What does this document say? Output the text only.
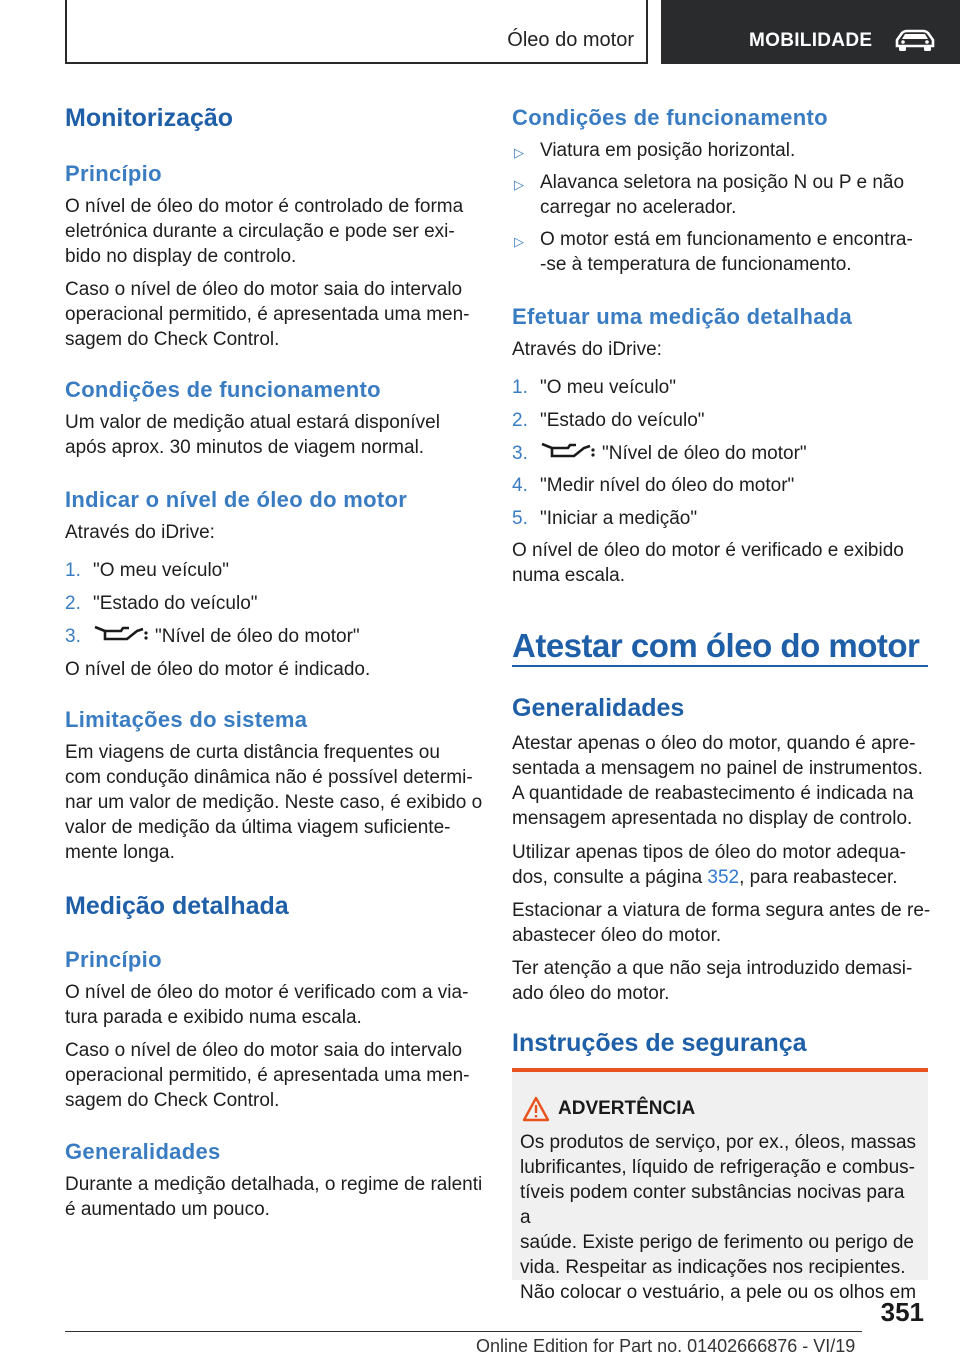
Óleo do motor	MOBILIDADE
Monitorização
Princípio
O nível de óleo do motor é controlado de forma
eletrónica durante a circulação e pode ser exi-
bido no display de controlo.
Caso o nível de óleo do motor saia do intervalo
operacional permitido, é apresentada uma men-
sagem do Check Control.
Condições de funcionamento
Um valor de medição atual estará disponível
após aprox. 30 minutos de viagem normal.
Indicar o nível de óleo do motor
Através do iDrive:
1. "O meu veículo"
2. "Estado do veículo"
3.	"Nível de óleo do motor"
O nível de óleo do motor é indicado.
Limitações do sistema
Em viagens de curta distância frequentes ou
com condução dinâmica não é possível determi-
nar um valor de medição. Neste caso, é exibido o
valor de medição da última viagem suficiente-
mente longa.
Medição detalhada
Princípio
O nível de óleo do motor é verificado com a via-
tura parada e exibido numa escala.
Caso o nível de óleo do motor saia do intervalo
operacional permitido, é apresentada uma men-
sagem do Check Control.
Generalidades
Durante a medição detalhada, o regime de ralenti
é aumentado um pouco.
Condições de funcionamento
▷ Viatura em posição horizontal.
▷ Alavanca seletora na posição N ou P e não
carregar no acelerador.
▷ O motor está em funcionamento e encontra-
-se à temperatura de funcionamento.
Efetuar uma medição detalhada
Através do iDrive:
1. "O meu veículo"
2. "Estado do veículo"
3.	"Nível de óleo do motor"
4. "Medir nível do óleo do motor"
5. "Iniciar a medição"
O nível de óleo do motor é verificado e exibido
numa escala.
Atestar com óleo do motor
Generalidades
Atestar apenas o óleo do motor, quando é apre-
sentada a mensagem no painel de instrumentos.
A quantidade de reabastecimento é indicada na
mensagem apresentada no display de controlo.
Utilizar apenas tipos de óleo do motor adequa-
dos, consulte a página 352, para reabastecer.
Estacionar a viatura de forma segura antes de re-
abastecer óleo do motor.
Ter atenção a que não seja introduzido demasi-
ado óleo do motor.
Instruções de segurança
ADVERTÊNCIA
Os produtos de serviço, por ex., óleos, massas
lubrificantes, líquido de refrigeração e combus-
tíveis podem conter substâncias nocivas para a
saúde. Existe perigo de ferimento ou perigo de
vida. Respeitar as indicações nos recipientes.
Não colocar o vestuário, a pele ou os olhos em
351
Online Edition for Part no. 01402666876 - VI/19
